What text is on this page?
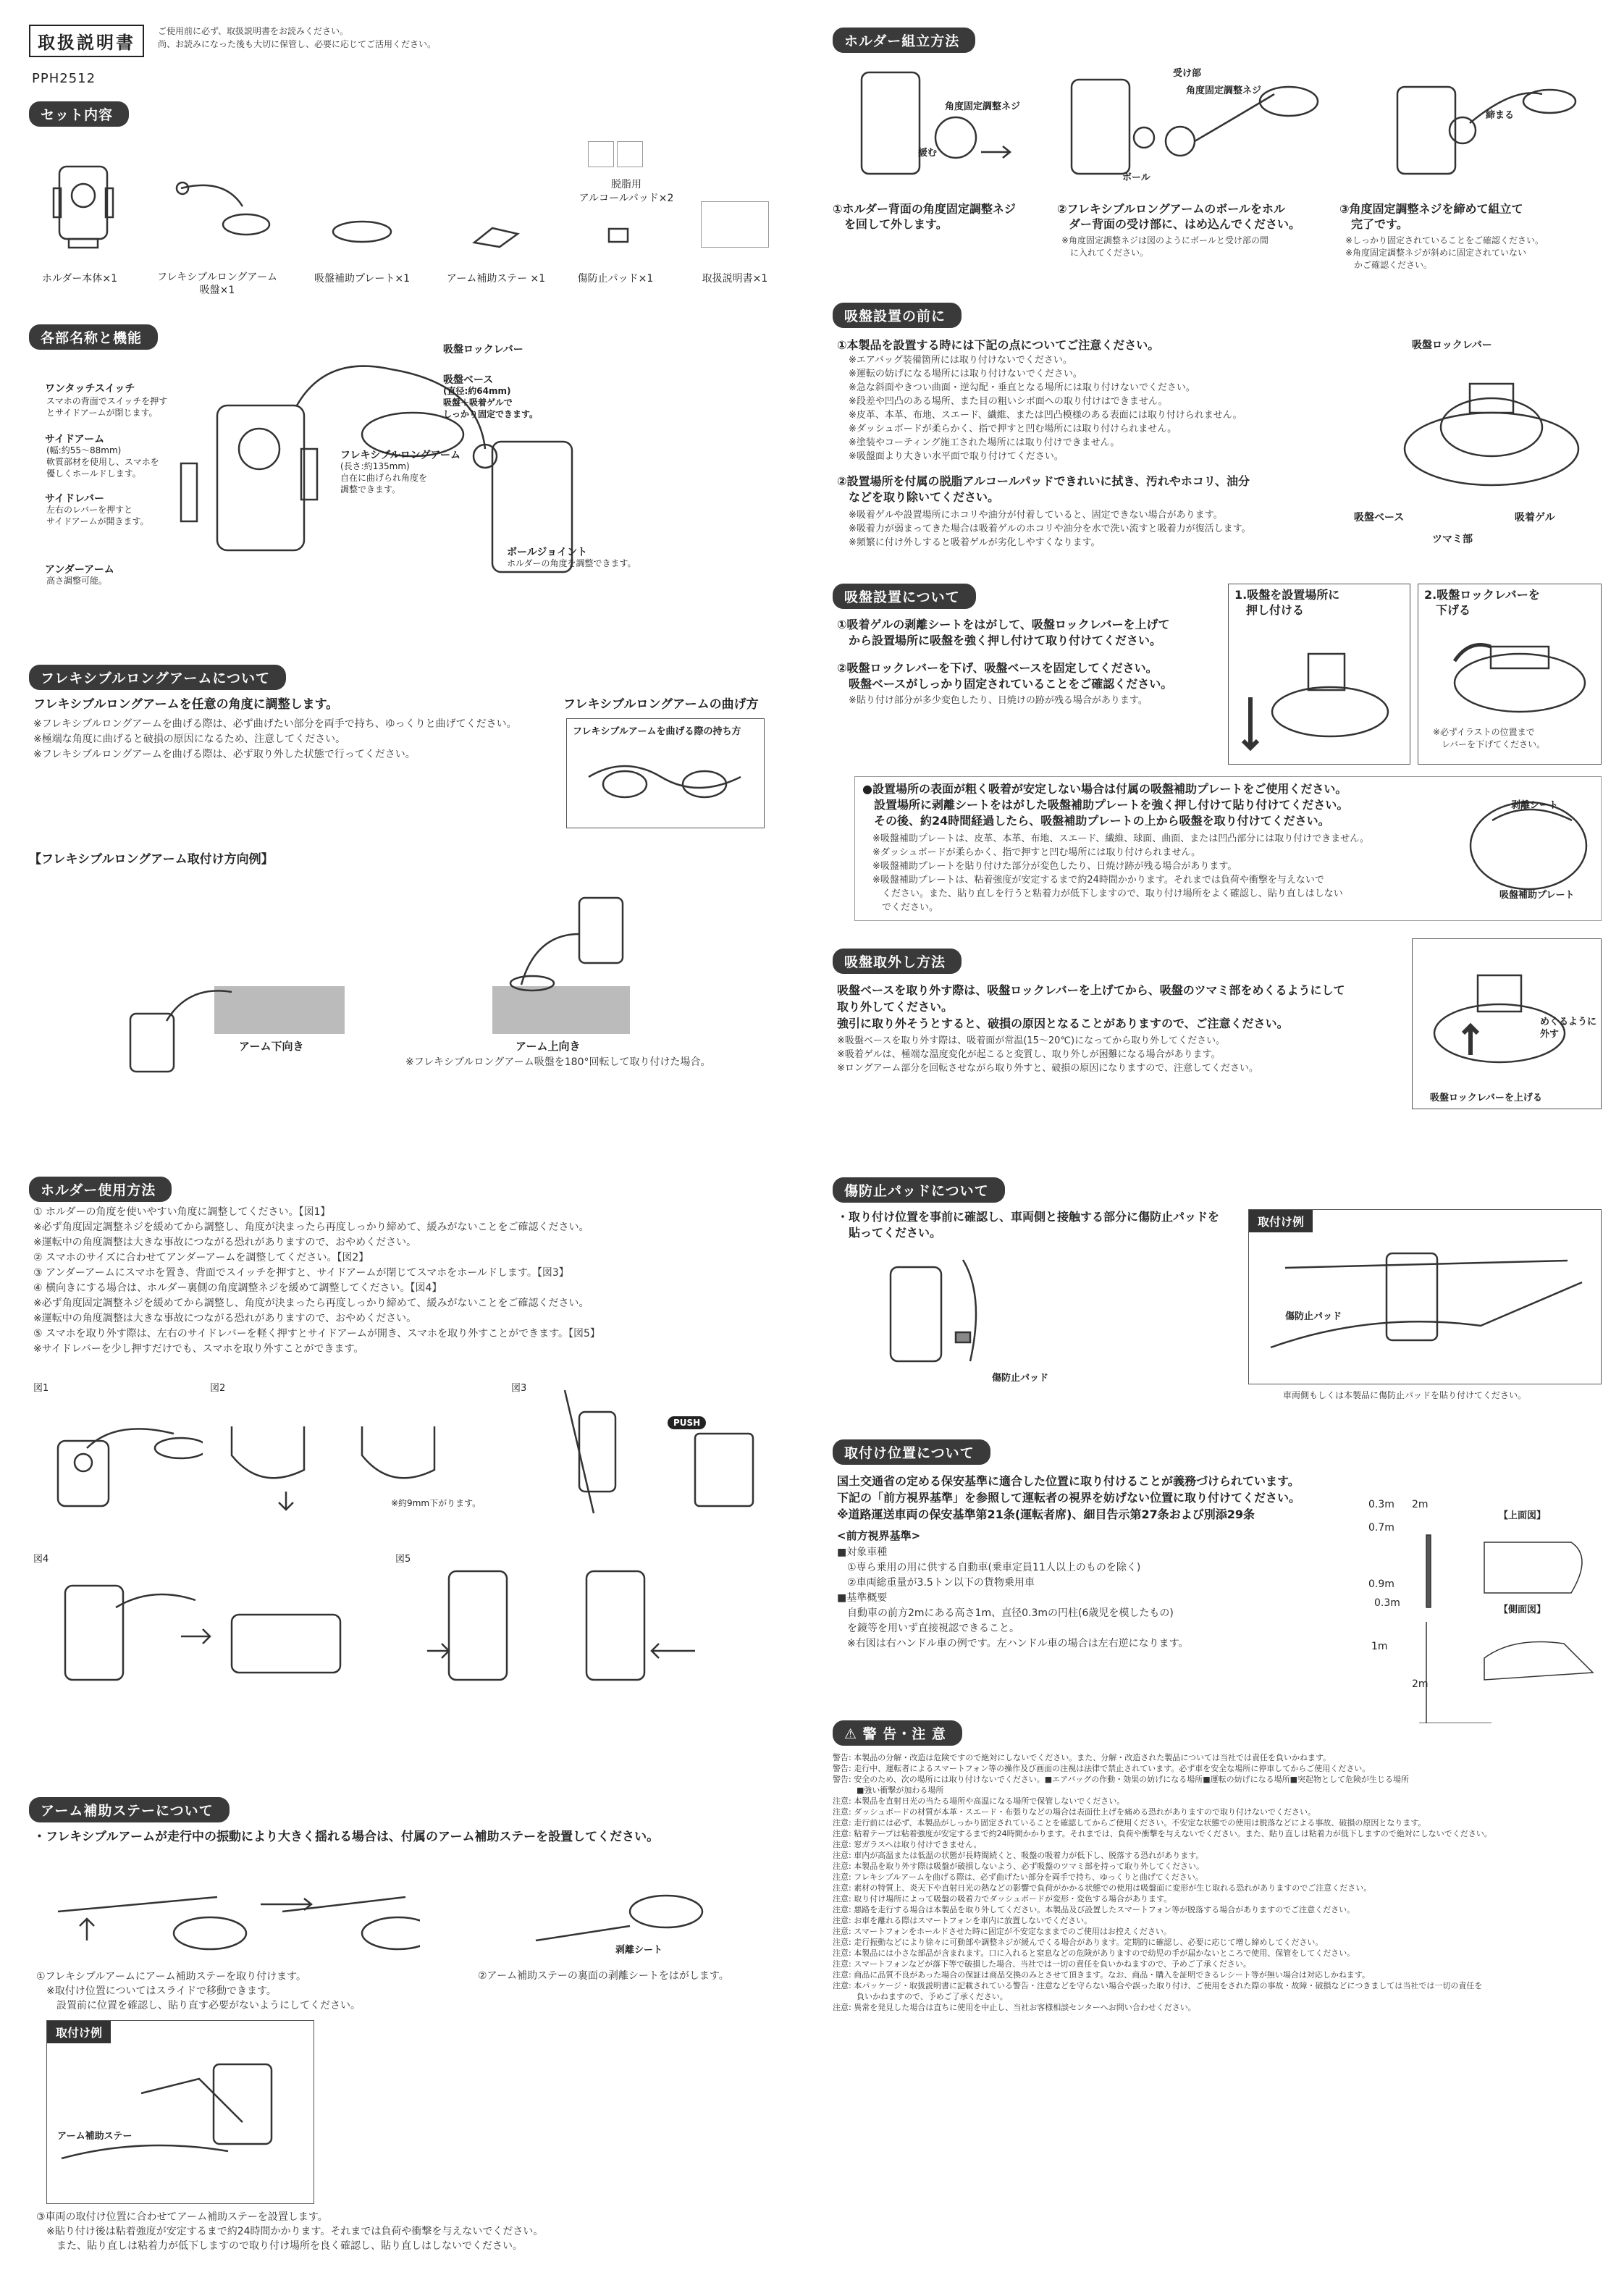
取扱説明書
ご使用前に必ず、取扱説明書をお読みください。
尚、お読みになった後も大切に保管し、必要に応じてご活用ください。
PPH2512
セット内容
脱脂用
アルコールパッド×2
ホルダー本体×1	フレキシブルロングアーム
吸盤×1
吸盤補助プレート×1	アーム補助ステー ×1	傷防止パッド×1	取扱説明書×1
各部名称と機能
ワンタッチスイッチ
スマホの背面でスイッチを押す
とサイドアームが閉じます。
サイドアーム
(幅:約55〜88mm)
軟質部材を使用し、スマホを
優しくホールドします。
サイドレバー
左右のレバーを押すと
サイドアームが開きます。
アンダーアーム
高さ調整可能。
吸盤ロックレバー
吸盤ベース
(直径:約64mm)
吸盤＋吸着ゲルで
しっかり固定できます。
フレキシブルロングアーム
(長さ:約135mm)
自在に曲げられ角度を
調整できます。
ボールジョイント
ホルダーの角度を調整できます。
フレキシブルロングアームについて
フレキシブルロングアームを任意の角度に調整します。
※フレキシブルロングアームを曲げる際は、必ず曲げたい部分を両手で持ち、ゆっくりと曲げてください。
※極端な角度に曲げると破損の原因になるため、注意してください。
※フレキシブルロングアームを曲げる際は、必ず取り外した状態で行ってください。
フレキシブルロングアームの曲げ方
フレキシブルアームを曲げる際の持ち方
【フレキシブルロングアーム取付け方向例】
アーム下向き	アーム上向き
※フレキシブルロングアーム吸盤を180°回転して取り付けた場合。
ホルダー使用方法
① ホルダーの角度を使いやすい角度に調整してください。【図1】
※必ず角度固定調整ネジを緩めてから調整し、角度が決まったら再度しっかり締めて、緩みがないことをご確認ください。
※運転中の角度調整は大きな事故につながる恐れがありますので、おやめください。
② スマホのサイズに合わせてアンダーアームを調整してください。【図2】
③ アンダーアームにスマホを置き、背面でスイッチを押すと、サイドアームが閉じてスマホをホールドします。【図3】
④ 横向きにする場合は、ホルダー裏側の角度調整ネジを緩めて調整してください。【図4】
※必ず角度固定調整ネジを緩めてから調整し、角度が決まったら再度しっかり締めて、緩みがないことをご確認ください。
※運転中の角度調整は大きな事故につながる恐れがありますので、おやめください。
⑤ スマホを取り外す際は、左右のサイドレバーを軽く押すとサイドアームが開き、スマホを取り外すことができます。【図5】
※サイドレバーを少し押すだけでも、スマホを取り外すことができます。
図1	図2	図3
※約9mm下がります。
PUSH
図4	図5
アーム補助ステーについて
・フレキシブルアームが走行中の振動により大きく揺れる場合は、付属のアーム補助ステーを設置してください。
①フレキシブルアームにアーム補助ステーを取り付けます。
　※取付け位置についてはスライドで移動できます。
　　設置前に位置を確認し、貼り直す必要がないようにしてください。
剥離シート
②アーム補助ステーの裏面の剥離シートをはがします。
取付け例
アーム補助ステー
③車両の取付け位置に合わせてアーム補助ステーを設置します。
　※貼り付け後は粘着強度が安定するまで約24時間かかります。それまでは負荷や衝撃を与えないでください。
　　また、貼り直しは粘着力が低下しますので取り付け場所を良く確認し、貼り直しはしないでください。
ホルダー組立方法
角度固定調整ネジ
緩む
受け部
角度固定調整ネジ
ボール
締まる
①ホルダー背面の角度固定調整ネジ
　を回して外します。
②フレキシブルロングアームのボールをホル
　ダー背面の受け部に、はめ込んでください。
※角度固定調整ネジは図のようにボールと受け部の間
　に入れてください。
③角度固定調整ネジを締めて組立て
　完了です。
※しっかり固定されていることをご確認ください。
※角度固定調整ネジが斜めに固定されていない
　かご確認ください。
吸盤設置の前に
①本製品を設置する時には下記の点についてご注意ください。
※エアバッグ装備箇所には取り付けないでください。
※運転の妨げになる場所には取り付けないでください。
※急な斜面やきつい曲面・逆勾配・垂直となる場所には取り付けないでください。
※段差や凹凸のある場所、また目の粗いシボ面への取り付けはできません。
※皮革、本革、布地、スエード、繊維、または凹凸模様のある表面には取り付けられません。
※ダッシュボードが柔らかく、指で押すと凹む場所には取り付けられません。
※塗装やコーティング施工された場所には取り付けできません。
※吸盤面より大きい水平面で取り付けてください。
②設置場所を付属の脱脂アルコールパッドできれいに拭き、汚れやホコリ、油分
　などを取り除いてください。
※吸着ゲルや設置場所にホコリや油分が付着していると、固定できない場合があります。
※吸着力が弱まってきた場合は吸着ゲルのホコリや油分を水で洗い流すと吸着力が復活します。
※頻繁に付け外しすると吸着ゲルが劣化しやすくなります。
吸盤ロックレバー
吸盤ベース
ツマミ部
吸着ゲル
吸盤設置について
①吸着ゲルの剥離シートをはがして、吸盤ロックレバーを上げて
　から設置場所に吸盤を強く押し付けて取り付けてください。
②吸盤ロックレバーを下げ、吸盤ベースを固定してください。
　吸盤ベースがしっかり固定されていることをご確認ください。
※貼り付け部分が多少変色したり、日焼けの跡が残る場合があります。
1.吸盤を設置場所に
　押し付ける
2.吸盤ロックレバーを
　下げる
※必ずイラストの位置まで
　レバーを下げてください。
●設置場所の表面が粗く吸着が安定しない場合は付属の吸盤補助プレートをご使用ください。
　設置場所に剥離シートをはがした吸盤補助プレートを強く押し付けて貼り付けてください。
　その後、約24時間経過したら、吸盤補助プレートの上から吸盤を取り付けてください。
※吸盤補助プレートは、皮革、本革、布地、スエード、繊維、球面、曲面、または凹凸部分には取り付けできません。
※ダッシュボードが柔らかく、指で押すと凹む場所には取り付けられません。
※吸盤補助プレートを貼り付けた部分が変色したり、日焼け跡が残る場合があります。
※吸盤補助プレートは、粘着強度が安定するまで約24時間かかります。それまでは負荷や衝撃を与えないで
　ください。また、貼り直しを行うと粘着力が低下しますので、取り付け場所をよく確認し、貼り直しはしない
　でください。
剥離シート
吸盤補助プレート
吸盤取外し方法
吸盤ベースを取り外す際は、吸盤ロックレバーを上げてから、吸盤のツマミ部をめくるようにして
取り外してください。
強引に取り外そうとすると、破損の原因となることがありますので、ご注意ください。
※吸盤ベースを取り外す際は、吸着面が常温(15〜20℃)になってから取り外してください。
※吸着ゲルは、極端な温度変化が起こると変質し、取り外しが困難になる場合があります。
※ロングアーム部分を回転させながら取り外すと、破損の原因になりますので、注意してください。
めくるように
外す
吸盤ロックレバーを上げる
傷防止パッドについて
・取り付け位置を事前に確認し、車両側と接触する部分に傷防止パッドを
　貼ってください。
傷防止パッド
取付け例
傷防止パッド
車両側もしくは本製品に傷防止パッドを貼り付けてください。
取付け位置について
国土交通省の定める保安基準に適合した位置に取り付けることが義務づけられています。
下記の「前方視界基準」を参照して運転者の視界を妨げない位置に取り付けてください。
※道路運送車両の保安基準第21条(運転者席)、細目告示第27条および別添29条
<前方視界基準>
■対象車種
　①専ら乗用の用に供する自動車(乗車定員11人以上のものを除く)
　②車両総重量が3.5トン以下の貨物乗用車
■基準概要
　自動車の前方2mにある高さ1m、直径0.3mの円柱(6歳児を模したもの)
　を鏡等を用いず直接視認できること。
　※右図は右ハンドル車の例です。左ハンドル車の場合は左右逆になります。
【上面図】
【側面図】
0.3m 2m
0.7m
0.9m
0.3m
1m
2m
⚠ 警 告・注 意
警告: 本製品の分解・改造は危険ですので絶対にしないでください。また、分解・改造された製品については当社では責任を負いかねます。
警告: 走行中、運転者によるスマートフォン等の操作及び画面の注視は法律で禁止されています。必ず車を安全な場所に停車してからご使用ください。
警告: 安全のため、次の場所には取り付けないでください。■エアバッグの作動・効果の妨げになる場所■運転の妨げになる場所■突起物として危険が生じる場所
　　　■強い衝撃が加わる場所
注意: 本製品を直射日光の当たる場所や高温になる場所で保管しないでください。
注意: ダッシュボードの材質が本革・スエード・布張りなどの場合は表面仕上げを痛める恐れがありますので取り付けないでください。
注意: 走行前には必ず、本製品がしっかり固定されていることを確認してからご使用ください。不安定な状態での使用は脱落などによる事故、破損の原因となります。
注意: 粘着テープは粘着強度が安定するまで約24時間かかります。それまでは、負荷や衝撃を与えないでください。また、貼り直しは粘着力が低下しますので絶対にしないでください。
注意: 窓ガラスへは取り付けできません。
注意: 車内が高温または低温の状態が長時間続くと、吸盤の吸着力が低下し、脱落する恐れがあります。
注意: 本製品を取り外す際は吸盤が破損しないよう、必ず吸盤のツマミ部を持って取り外してください。
注意: フレキシブルアームを曲げる際は、必ず曲げたい部分を両手で持ち、ゆっくりと曲げてください。
注意: 素材の特質上、炎天下や直射日光の熱などの影響で負荷がかかる状態での使用は吸盤面に変形が生じ取れる恐れがありますのでご注意ください。
注意: 取り付け場所によって吸盤の吸着力でダッシュボードが変形・変色する場合があります。
注意: 悪路を走行する場合は本製品を取り外してください。本製品及び設置したスマートフォン等が脱落する場合がありますのでご注意ください。
注意: お車を離れる際はスマートフォンを車内に放置しないでください。
注意: スマートフォンをホールドさせた時に固定が不安定なままでのご使用はお控えください。
注意: 走行振動などにより徐々に可動部や調整ネジが緩んでくる場合があります。定期的に確認し、必要に応じて増し締めしてください。
注意: 本製品には小さな部品が含まれます。口に入れると窒息などの危険がありますので幼児の手が届かないところで使用、保管をしてください。
注意: スマートフォンなどが落下等で破損した場合、当社では一切の責任を負いかねますので、予めご了承ください。
注意: 商品に品質不良があった場合の保証は商品交換のみとさせて頂きます。なお、商品・購入を証明できるレシート等が無い場合は対応しかねます。
注意: 本パッケージ・取扱説明書に記載されている警告・注意などを守らない場合や誤った取り付け、ご使用をされた際の事故・故障・破損などにつきましては当社では一切の責任を
　　　負いかねますので、予めご了承ください。
注意: 異常を発見した場合は直ちに使用を中止し、当社お客様相談センターへお問い合わせください。
